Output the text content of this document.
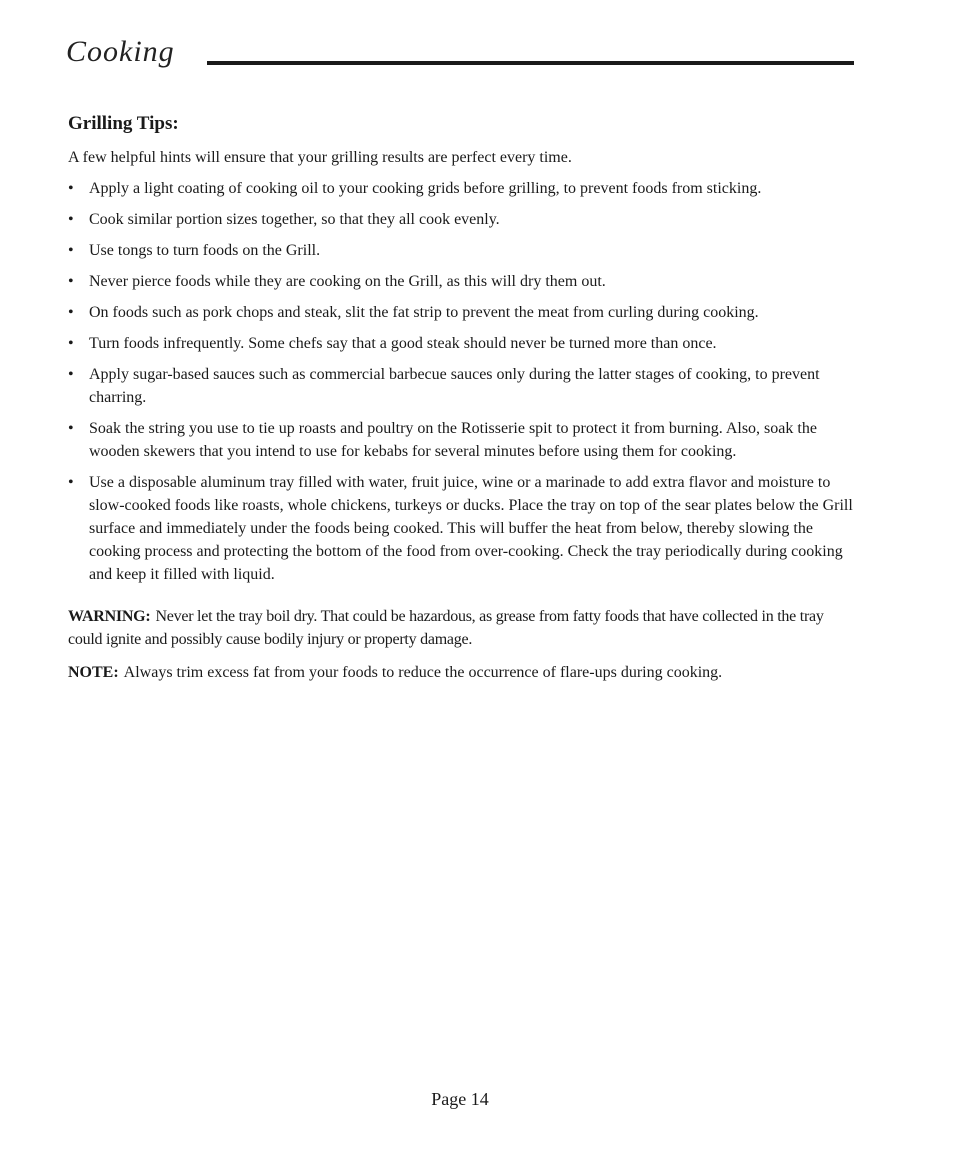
Cooking
Grilling Tips:

A few helpful hints will ensure that your grilling results are perfect every time.

• Apply a light coating of cooking oil to your cooking grids before grilling, to prevent foods from sticking.
• Cook similar portion sizes together, so that they all cook evenly.
• Use tongs to turn foods on the Grill.
• Never pierce foods while they are cooking on the Grill, as this will dry them out.
• On foods such as pork chops and steak, slit the fat strip to prevent the meat from curling during cooking.
• Turn foods infrequently. Some chefs say that a good steak should never be turned more than once.
• Apply sugar-based sauces such as commercial barbecue sauces only during the latter stages of cooking, to prevent charring.
• Soak the string you use to tie up roasts and poultry on the Rotisserie spit to protect it from burning. Also, soak the wooden skewers that you intend to use for kebabs for several minutes before using them for cooking.
• Use a disposable aluminum tray filled with water, fruit juice, wine or a marinade to add extra flavor and moisture to slow-cooked foods like roasts, whole chickens, turkeys or ducks. Place the tray on top of the sear plates below the Grill surface and immediately under the foods being cooked. This will buffer the heat from below, thereby slowing the cooking process and protecting the bottom of the food from over-cooking. Check the tray periodically during cooking and keep it filled with liquid.

WARNING: Never let the tray boil dry. That could be hazardous, as grease from fatty foods that have collected in the tray could ignite and possibly cause bodily injury or property damage.

NOTE: Always trim excess fat from your foods to reduce the occurrence of flare-ups during cooking.

Page 14
